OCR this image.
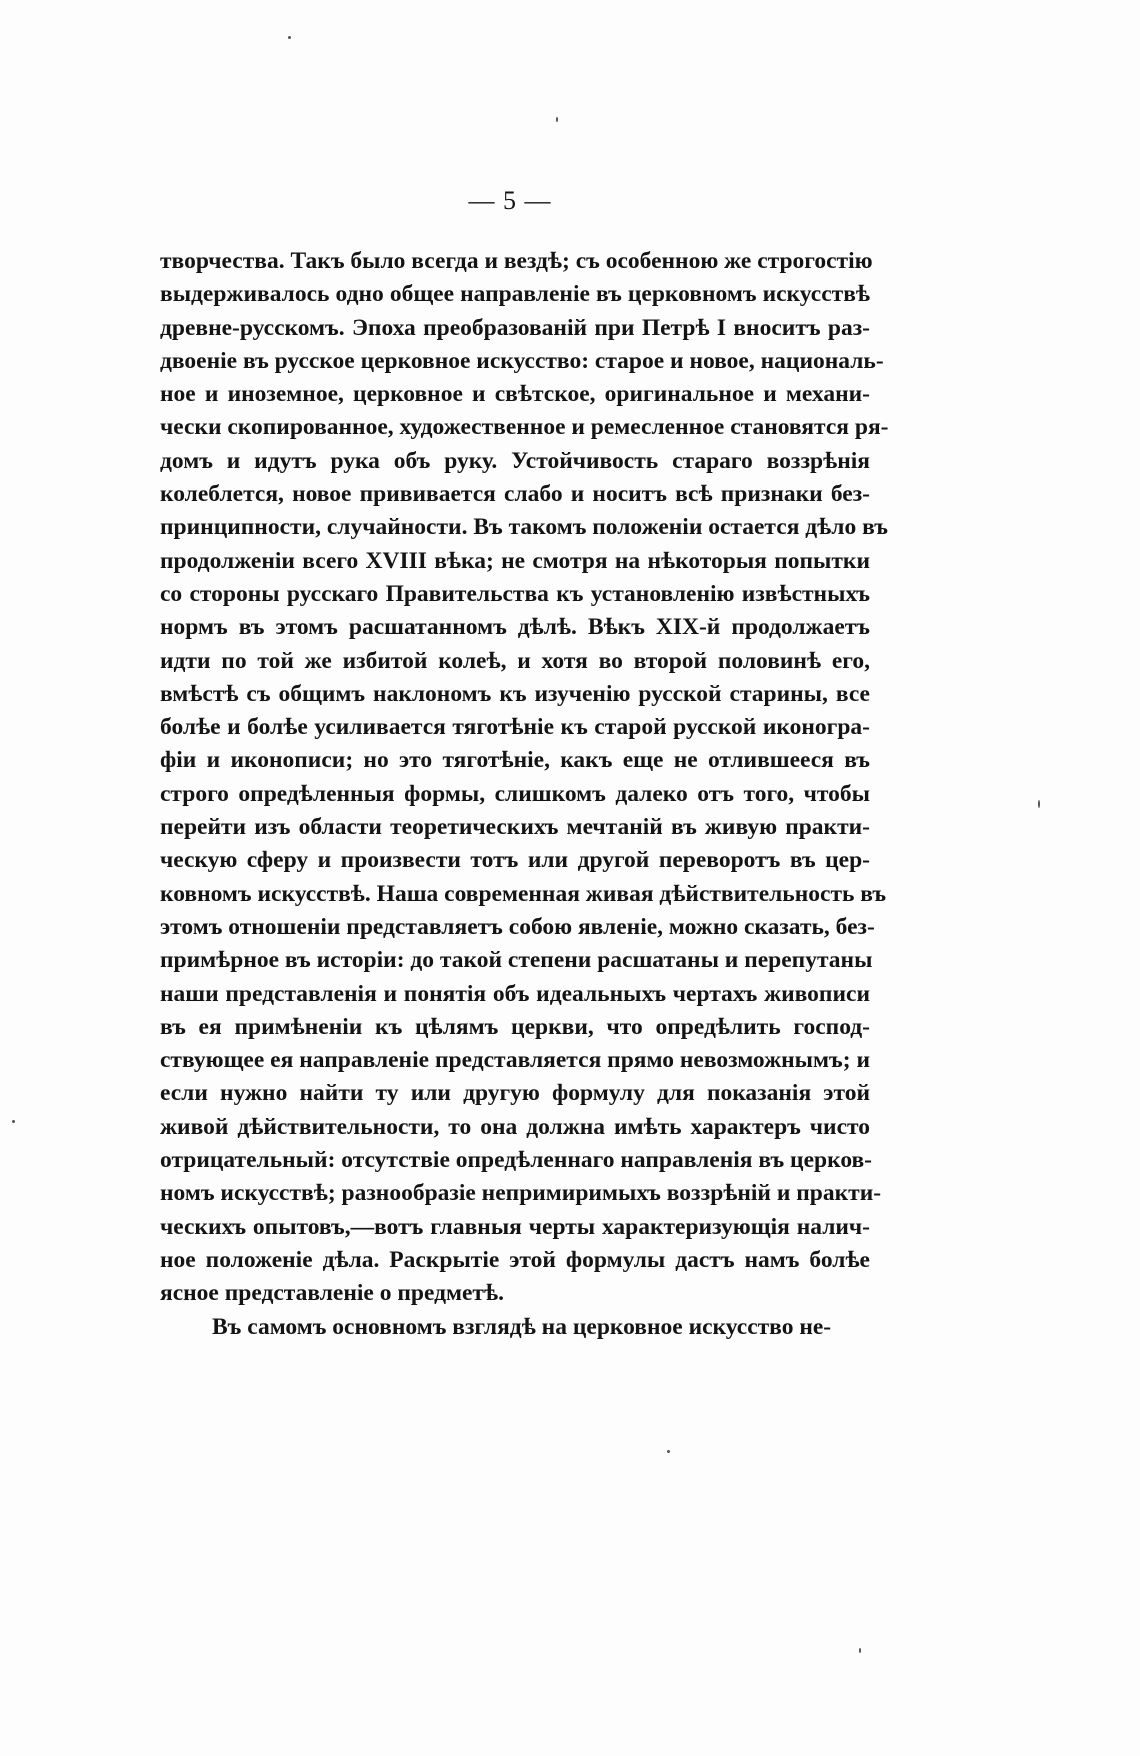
— 5 —
творчества. Такъ было всегда и вездѣ; съ особенною же строгостію
выдерживалось одно общее направленіе въ церковномъ искусствѣ
древне-русскомъ. Эпоха преобразованій при Петрѣ I вноситъ раз-
двоеніе въ русское церковное искусство: старое и новое, националь-
ное и иноземное, церковное и свѣтское, оригинальное и механи-
чески скопированное, художественное и ремесленное становятся ря-
домъ и идутъ рука объ руку. Устойчивость стараго воззрѣнія
колеблется, новое прививается слабо и носитъ всѣ признаки без-
принципности, случайности. Въ такомъ положеніи остается дѣло въ
продолженіи всего XVIII вѣка; не смотря на нѣкоторыя попытки
со стороны русскаго Правительства къ установленію извѣстныхъ
нормъ въ этомъ расшатанномъ дѣлѣ. Вѣкъ XIX-й продолжаетъ
идти по той же избитой колеѣ, и хотя во второй половинѣ его,
вмѣстѣ съ общимъ наклономъ къ изученію русской старины, все
болѣе и болѣе усиливается тяготѣніе къ старой русской иконогра-
фіи и иконописи; но это тяготѣніе, какъ еще не отлившееся въ
строго опредѣленныя формы, слишкомъ далеко отъ того, чтобы
перейти изъ области теоретическихъ мечтаній въ живую практи-
ческую сферу и произвести тотъ или другой переворотъ въ цер-
ковномъ искусствѣ. Наша современная живая дѣйствительность въ
этомъ отношеніи представляетъ собою явленіе, можно сказать, без-
примѣрное въ исторіи: до такой степени расшатаны и перепутаны
наши представленія и понятія объ идеальныхъ чертахъ живописи
въ ея примѣненіи къ цѣлямъ церкви, что опредѣлить господ-
ствующее ея направленіе представляется прямо невозможнымъ; и
если нужно найти ту или другую формулу для показанія этой
живой дѣйствительности, то она должна имѣть характеръ чисто
отрицательный: отсутствіе опредѣленнаго направленія въ церков-
номъ искусствѣ; разнообразіе непримиримыхъ воззрѣній и практи-
ческихъ опытовъ,—вотъ главныя черты характеризующія налич-
ное положеніе дѣла. Раскрытіе этой формулы дастъ намъ болѣе
ясное представленіе о предметѣ.
Въ самомъ основномъ взглядѣ на церковное искусство не-
